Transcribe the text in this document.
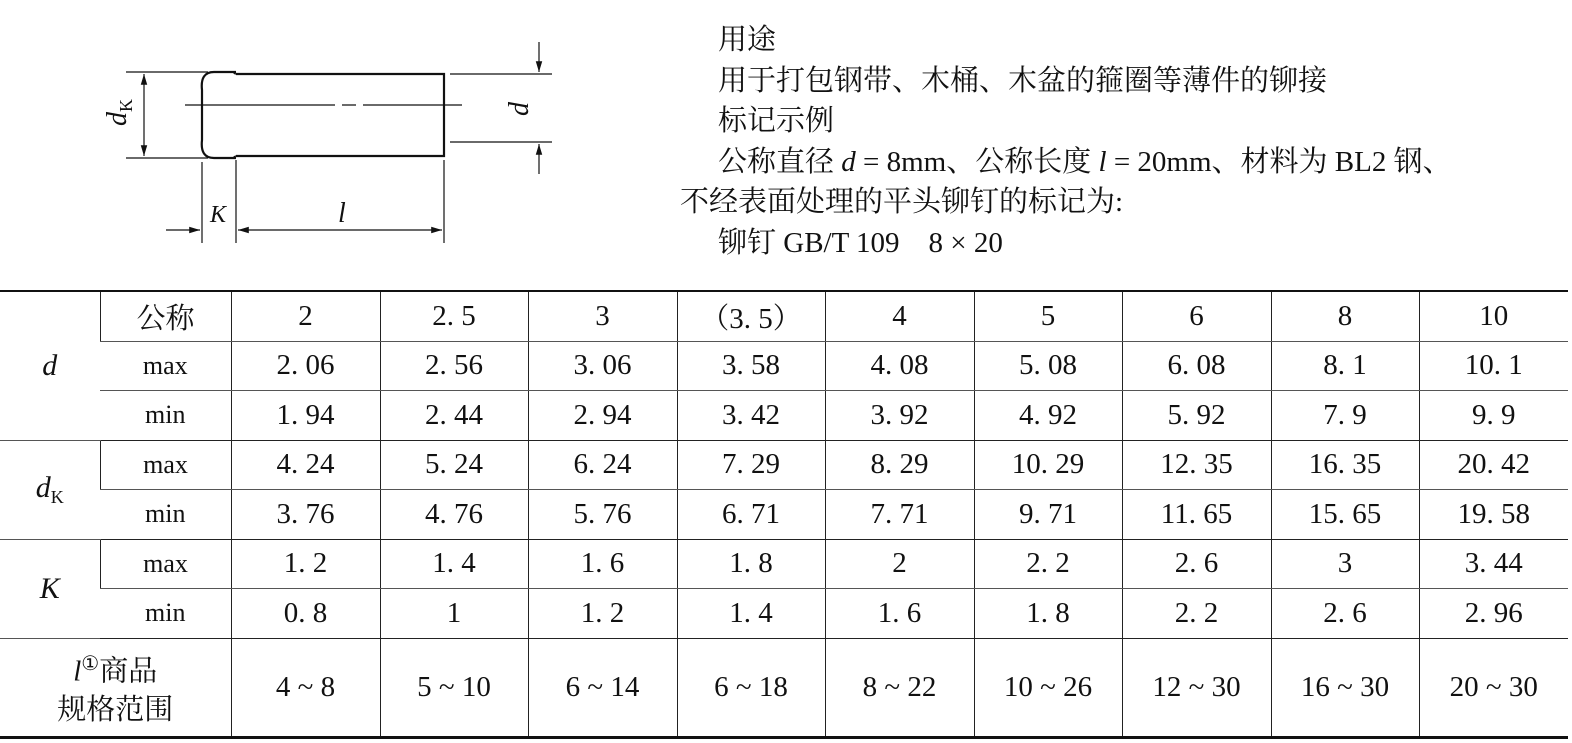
$d_K$	d
K	l
用途
用于打包钢带、木桶、木盆的箍圈等薄件的铆接
标记示例
公称直径 d = 8mm、公称长度 l = 20mm、材料为 BL2 钢、
不经表面处理的平头铆钉的标记为:
铆钉 GB/T 109    8 × 20
d	公称	2	2. 5	3	（3. 5）	4	5	6	8	10
	max	2. 06	2. 56	3. 06	3. 58	4. 08	5. 08	6. 08	8. 1	10. 1
	min	1. 94	2. 44	2. 94	3. 42	3. 92	4. 92	5. 92	7. 9	9. 9
$d_K$	max	4. 24	5. 24	6. 24	7. 29	8. 29	10. 29	12. 35	16. 35	20. 42
	min	3. 76	4. 76	5. 76	6. 71	7. 71	9. 71	11. 65	15. 65	19. 58
K	max	1. 2	1. 4	1. 6	1. 8	2	2. 2	2. 6	3	3. 44
	min	0. 8	1	1. 2	1. 4	1. 6	1. 8	2. 2	2. 6	2. 96
l①商品
规格范围		4 ~ 8	5 ~ 10	6 ~ 14	6 ~ 18	8 ~ 22	10 ~ 26	12 ~ 30	16 ~ 30	20 ~ 30
